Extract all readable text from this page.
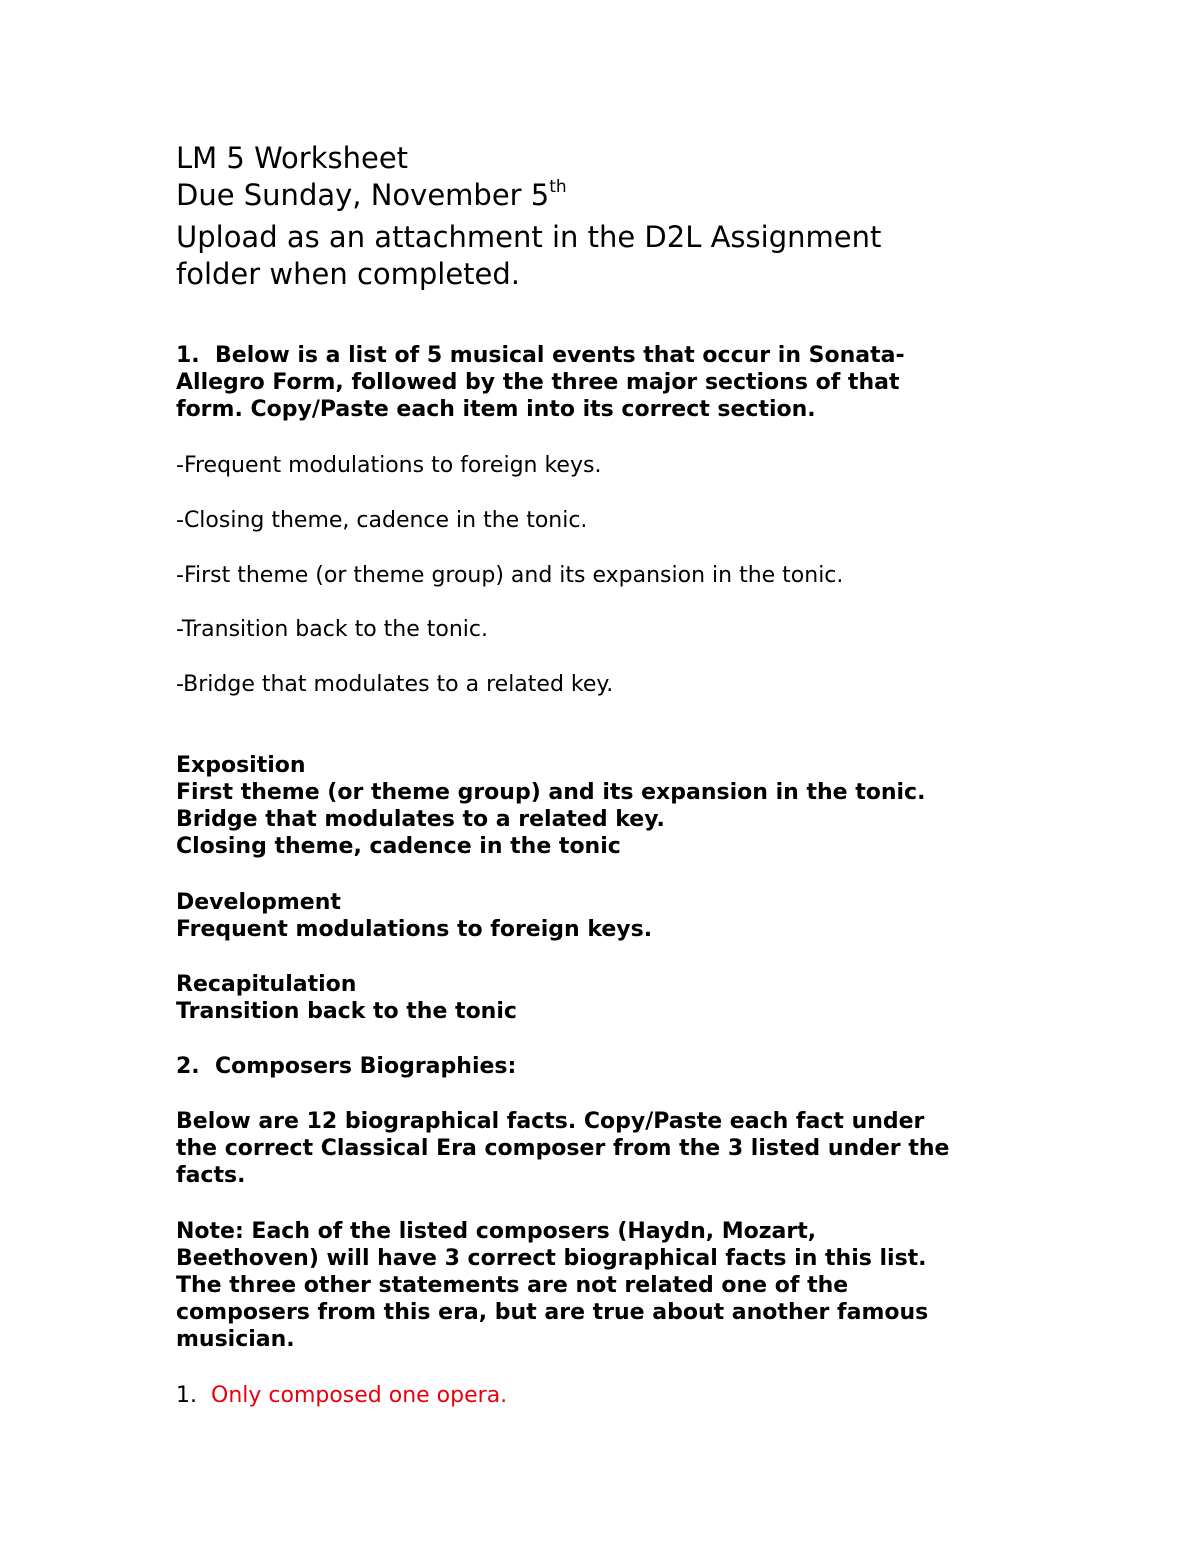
LM 5 Worksheet

Due Sunday, November 5th

Upload as an attachment in the D2L Assignment

folder when completed.

1. Below is a list of 5 musical events that occur in Sonata-

Allegro Form, followed by the three major sections of that

form. Copy/Paste each item into its correct section.

-Frequent modulations to foreign keys.
-Closing theme, cadence in the tonic.
-First theme (or theme group) and its expansion in the tonic.
-Transition back to the tonic.
-Bridge that modulates to a related key.

Exposition

First theme (or theme group) and its expansion in the tonic.

Bridge that modulates to a related key.

Closing theme, cadence in the tonic

Development

Frequent modulations to foreign keys.

Recapitulation

Transition back to the tonic

2. Composers Biographies:

Below are 12 biographical facts. Copy/Paste each fact under

the correct Classical Era composer from the 3 listed under the

facts.

Note: Each of the listed composers (Haydn, Mozart,

Beethoven) will have 3 correct biographical facts in this list.

The three other statements are not related one of the

composers from this era, but are true about another famous

musician.

1. Only composed one opera.
